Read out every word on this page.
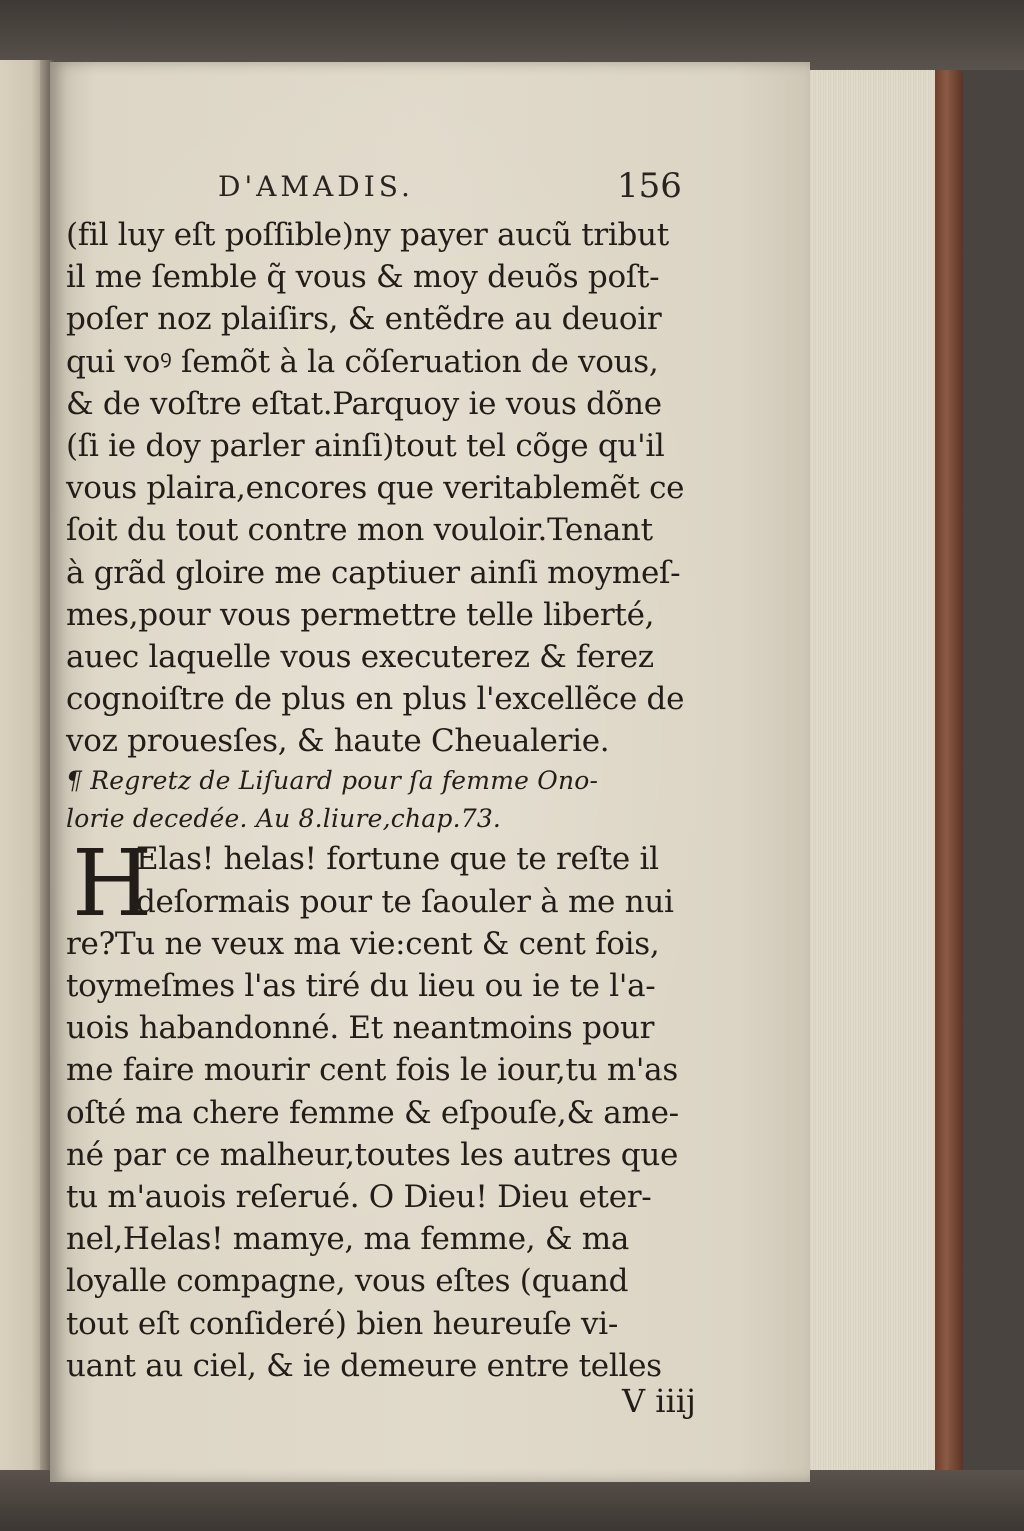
D'AMADIS.	156
(fil luy eſt poſſible)ny payer aucũ tribut
il me ſemble q̃ vous & moy deuõs poſt-
poſer noz plaiſirs, & entẽdre au deuoir
qui voꝰ ſemõt à la cõſeruation de vous,
& de voſtre eſtat.Parquoy ie vous dõne
(ſi ie doy parler ainſi)tout tel cõge qu'il
vous plaira,encores que veritablemẽt ce
ſoit du tout contre mon vouloir.Tenant
à grãd gloire me captiuer ainſi moymeſ-
mes,pour vous permettre telle liberté,
auec laquelle vous executerez & ferez
cognoiſtre de plus en plus l'excellẽce de
voz prouesſes, & haute Cheualerie.
¶ Regretz de Liſuard pour ſa femme Ono-
lorie decedée. Au 8.liure,chap.73.
H
Elas! helas! fortune que te reſte il
deſormais pour te ſaouler à me nui
re?Tu ne veux ma vie:cent & cent fois,
toymeſmes l'as tiré du lieu ou ie te l'a-
uois habandonné. Et neantmoins pour
me faire mourir cent fois le iour,tu m'as
oſté ma chere femme & eſpouſe,& ame-
né par ce malheur,toutes les autres que
tu m'auois reſerué. O Dieu! Dieu eter-
nel,Helas! mamye, ma femme, & ma
loyalle compagne, vous eſtes (quand
tout eſt conſideré) bien heureuſe vi-
uant au ciel, & ie demeure entre telles
V iiij
